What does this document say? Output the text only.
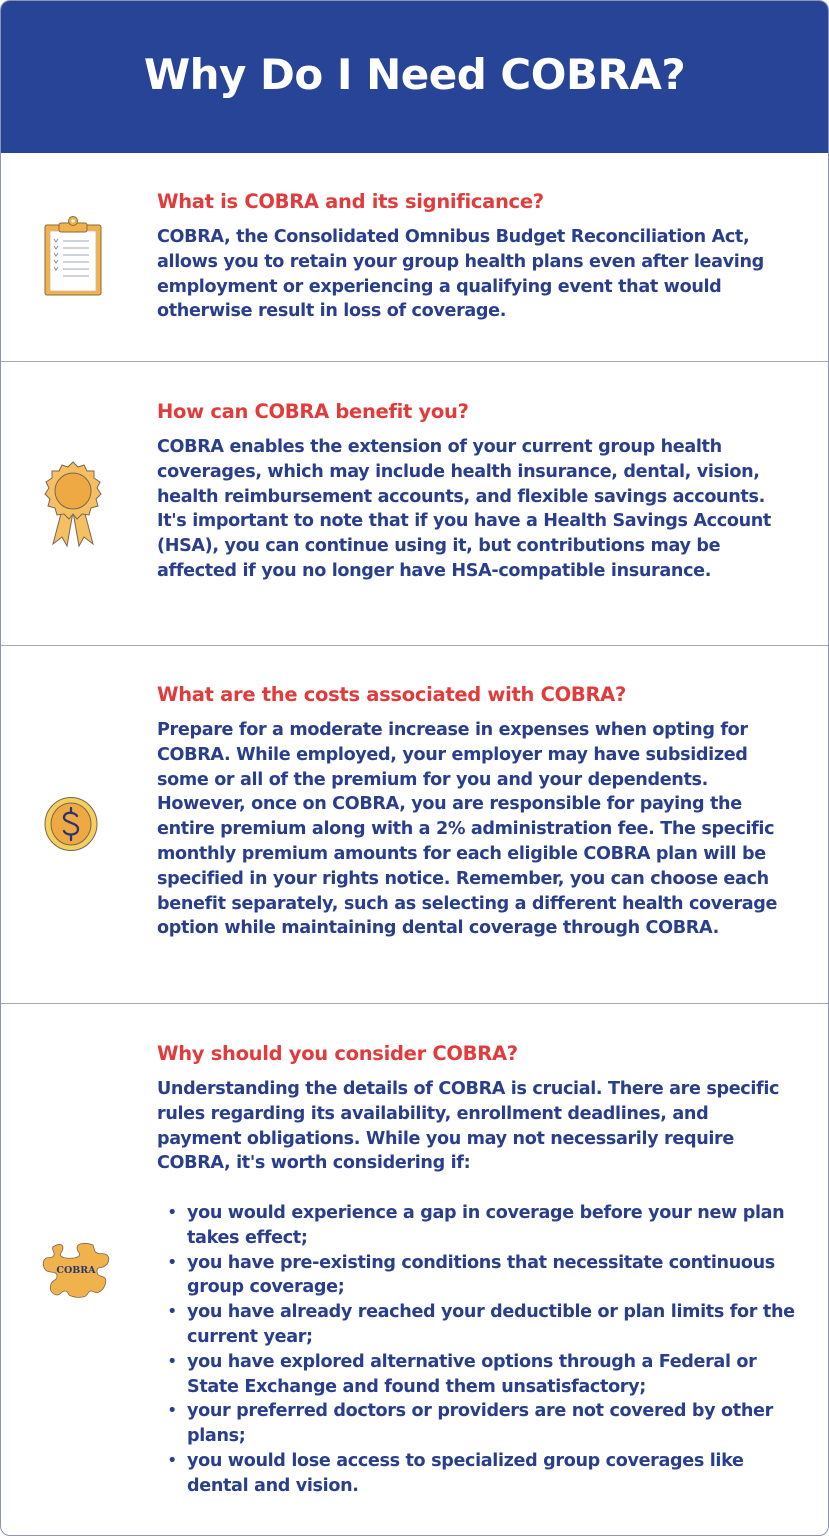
Why Do I Need COBRA?
What is COBRA and its significance?
COBRA, the Consolidated Omnibus Budget Reconciliation Act, allows you to retain your group health plans even after leaving employment or experiencing a qualifying event that would otherwise result in loss of coverage.
How can COBRA benefit you?
COBRA enables the extension of your current group health coverages, which may include health insurance, dental, vision, health reimbursement accounts, and flexible savings accounts. It's important to note that if you have a Health Savings Account (HSA), you can continue using it, but contributions may be affected if you no longer have HSA-compatible insurance.
What are the costs associated with COBRA?
Prepare for a moderate increase in expenses when opting for COBRA. While employed, your employer may have subsidized some or all of the premium for you and your dependents. However, once on COBRA, you are responsible for paying the entire premium along with a 2% administration fee. The specific monthly premium amounts for each eligible COBRA plan will be specified in your rights notice. Remember, you can choose each benefit separately, such as selecting a different health coverage option while maintaining dental coverage through COBRA.
COBRA
Why should you consider COBRA?
Understanding the details of COBRA is crucial. There are specific rules regarding its availability, enrollment deadlines, and payment obligations. While you may not necessarily require COBRA, it's worth considering if:
• you would experience a gap in coverage before your new plan takes effect;
• you have pre-existing conditions that necessitate continuous group coverage;
• you have already reached your deductible or plan limits for the current year;
• you have explored alternative options through a Federal or State Exchange and found them unsatisfactory;
• your preferred doctors or providers are not covered by other plans;
• you would lose access to specialized group coverages like dental and vision.
